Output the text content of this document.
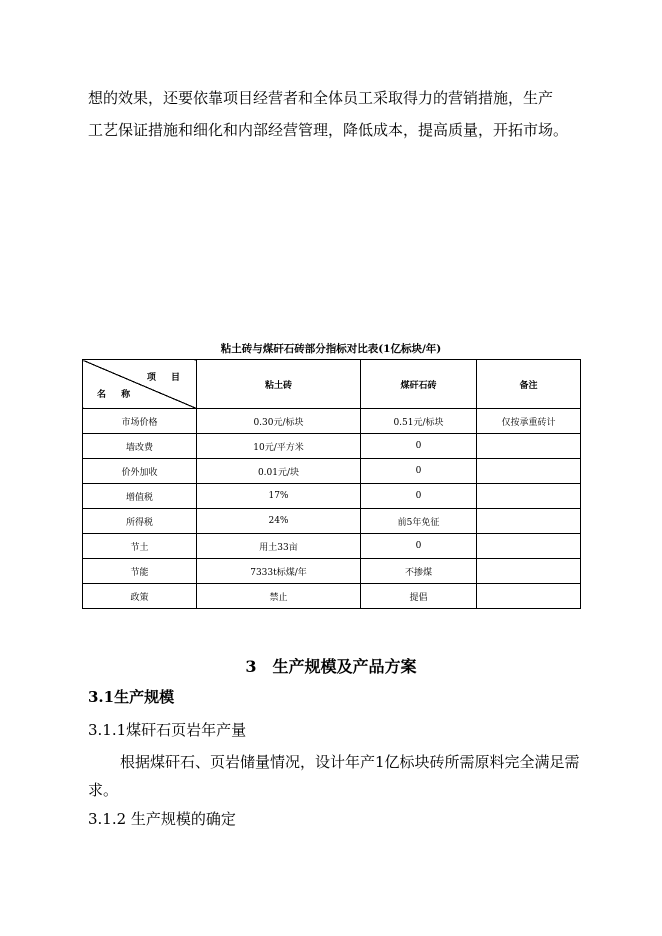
想的效果，还要依靠项目经营者和全体员工采取得力的营销措施，生产

工艺保证措施和细化和内部经营管理，降低成本，提高质量，开拓市场。

粘土砖与煤矸石砖部分指标对比表(1亿标块/年)

项 目
名 称	粘土砖	煤矸石砖	备注
市场价格	0.30元/标块	0.51元/标块	仅按承重砖计
墙改费	10元/平方米	0	
价外加收	0.01元/块	0	
增值税	17%	0	
所得税	24%	前5年免征	
节土	用土33亩	0	
节能	7333t标煤/年	不掺煤	
政策	禁止	提倡	

3　生产规模及产品方案

3.1生产规模

3.1.1煤矸石页岩年产量

根据煤矸石、页岩储量情况，设计年产1亿标块砖所需原料完全满足需求。

3.1.2 生产规模的确定
